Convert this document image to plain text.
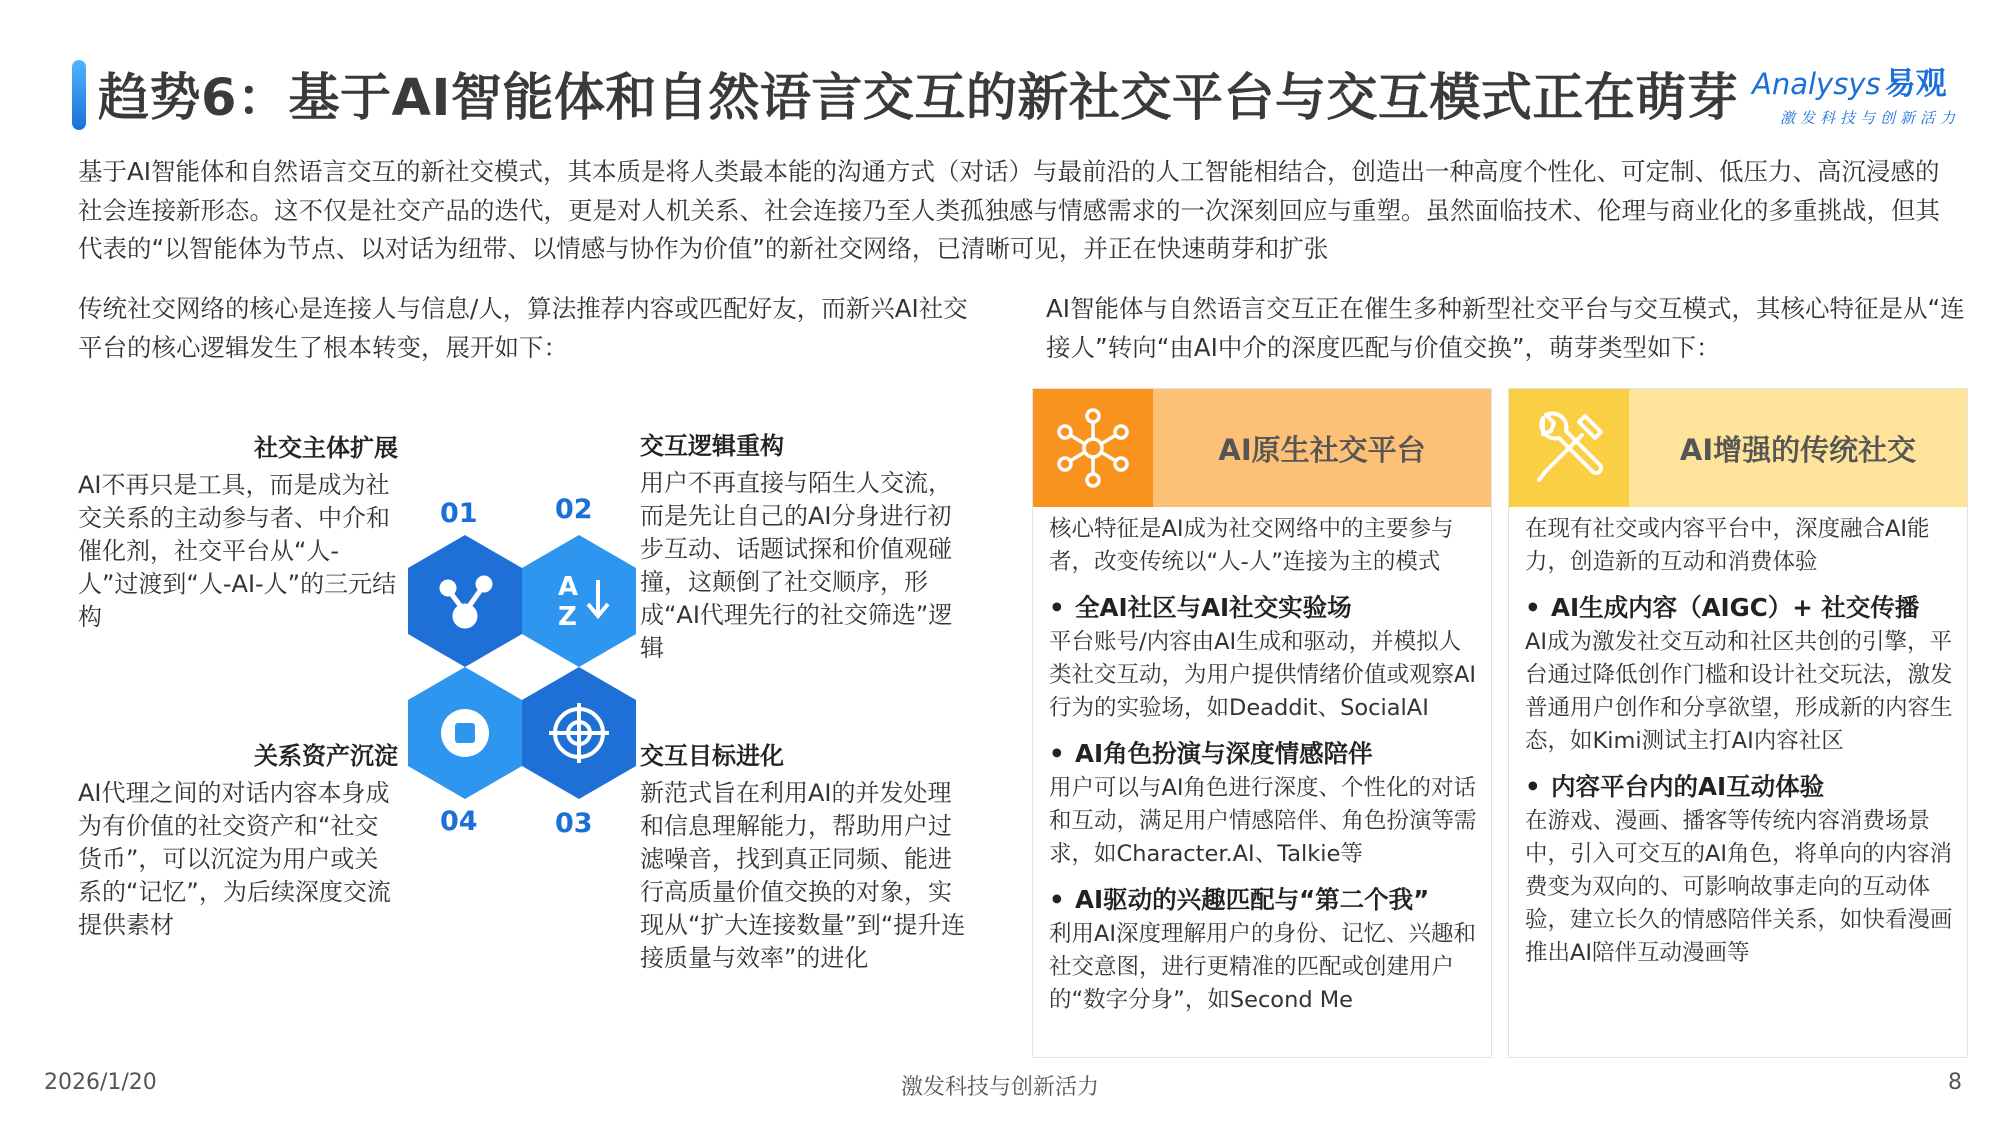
趋势6：基于AI智能体和自然语言交互的新社交平台与交互模式正在萌芽 Analysys 易观
激发科技与创新活力

基于AI智能体和自然语言交互的新社交模式，其本质是将人类最本能的沟通方式（对话）与最前沿的人工智能相结合，创造出一种高度个性化、可定制、低压力、高沉浸感的社会连接新形态。这不仅是社交产品的迭代，更是对人机关系、社会连接乃至人类孤独感与情感需求的一次深刻回应与重塑。虽然面临技术、伦理与商业化的多重挑战，但其代表的“以智能体为节点、以对话为纽带、以情感与协作为价值”的新社交网络，已清晰可见，并正在快速萌芽和扩张

传统社交网络的核心是连接人与信息/人，算法推荐内容或匹配好友，而新兴AI社交平台的核心逻辑发生了根本转变，展开如下：

AI智能体与自然语言交互正在催生多种新型社交平台与交互模式，其核心特征是从“连接人”转向“由AI中介的深度匹配与价值交换”，萌芽类型如下：

社交主体扩展

AI不再只是工具，而是成为社交关系的主动参与者、中介和催化剂，社交平台从“人-人”过渡到“人-AI-人”的三元结构

交互逻辑重构

用户不再直接与陌生人交流，而是先让自己的AI分身进行初步互动、话题试探和价值观碰撞，这颠倒了社交顺序，形成“AI代理先行的社交筛选”逻辑

关系资产沉淀

AI代理之间的对话内容本身成为有价值的社交资产和“社交货币”，可以沉淀为用户或关系的“记忆”，为后续深度交流提供素材

交互目标进化

新范式旨在利用AI的并发处理和信息理解能力，帮助用户过滤噪音，找到真正同频、能进行高质量价值交换的对象，实现从“扩大连接数量”到“提升连接质量与效率”的进化

01	02
04	03
A
Z
AI原生社交平台

核心特征是AI成为社交网络中的主要参与者，改变传统以“人-人”连接为主的模式

• 全AI社区与AI社交实验场

平台账号/内容由AI生成和驱动，并模拟人类社交互动，为用户提供情绪价值或观察AI行为的实验场，如Deaddit、SocialAI

• AI角色扮演与深度情感陪伴

用户可以与AI角色进行深度、个性化的对话和互动，满足用户情感陪伴、角色扮演等需求，如Character.AI、Talkie等

• AI驱动的兴趣匹配与“第二个我”

利用AI深度理解用户的身份、记忆、兴趣和社交意图，进行更精准的匹配或创建用户的“数字分身”，如Second Me

AI增强的传统社交

在现有社交或内容平台中，深度融合AI能力，创造新的互动和消费体验

• AI生成内容（AIGC）+ 社交传播

AI成为激发社交互动和社区共创的引擎，平台通过降低创作门槛和设计社交玩法，激发普通用户创作和分享欲望，形成新的内容生态，如Kimi测试主打AI内容社区

• 内容平台内的AI互动体验

在游戏、漫画、播客等传统内容消费场景中，引入可交互的AI角色，将单向的内容消费变为双向的、可影响故事走向的互动体验，建立长久的情感陪伴关系，如快看漫画推出AI陪伴互动漫画等

2026/1/20	激发科技与创新活力	8
